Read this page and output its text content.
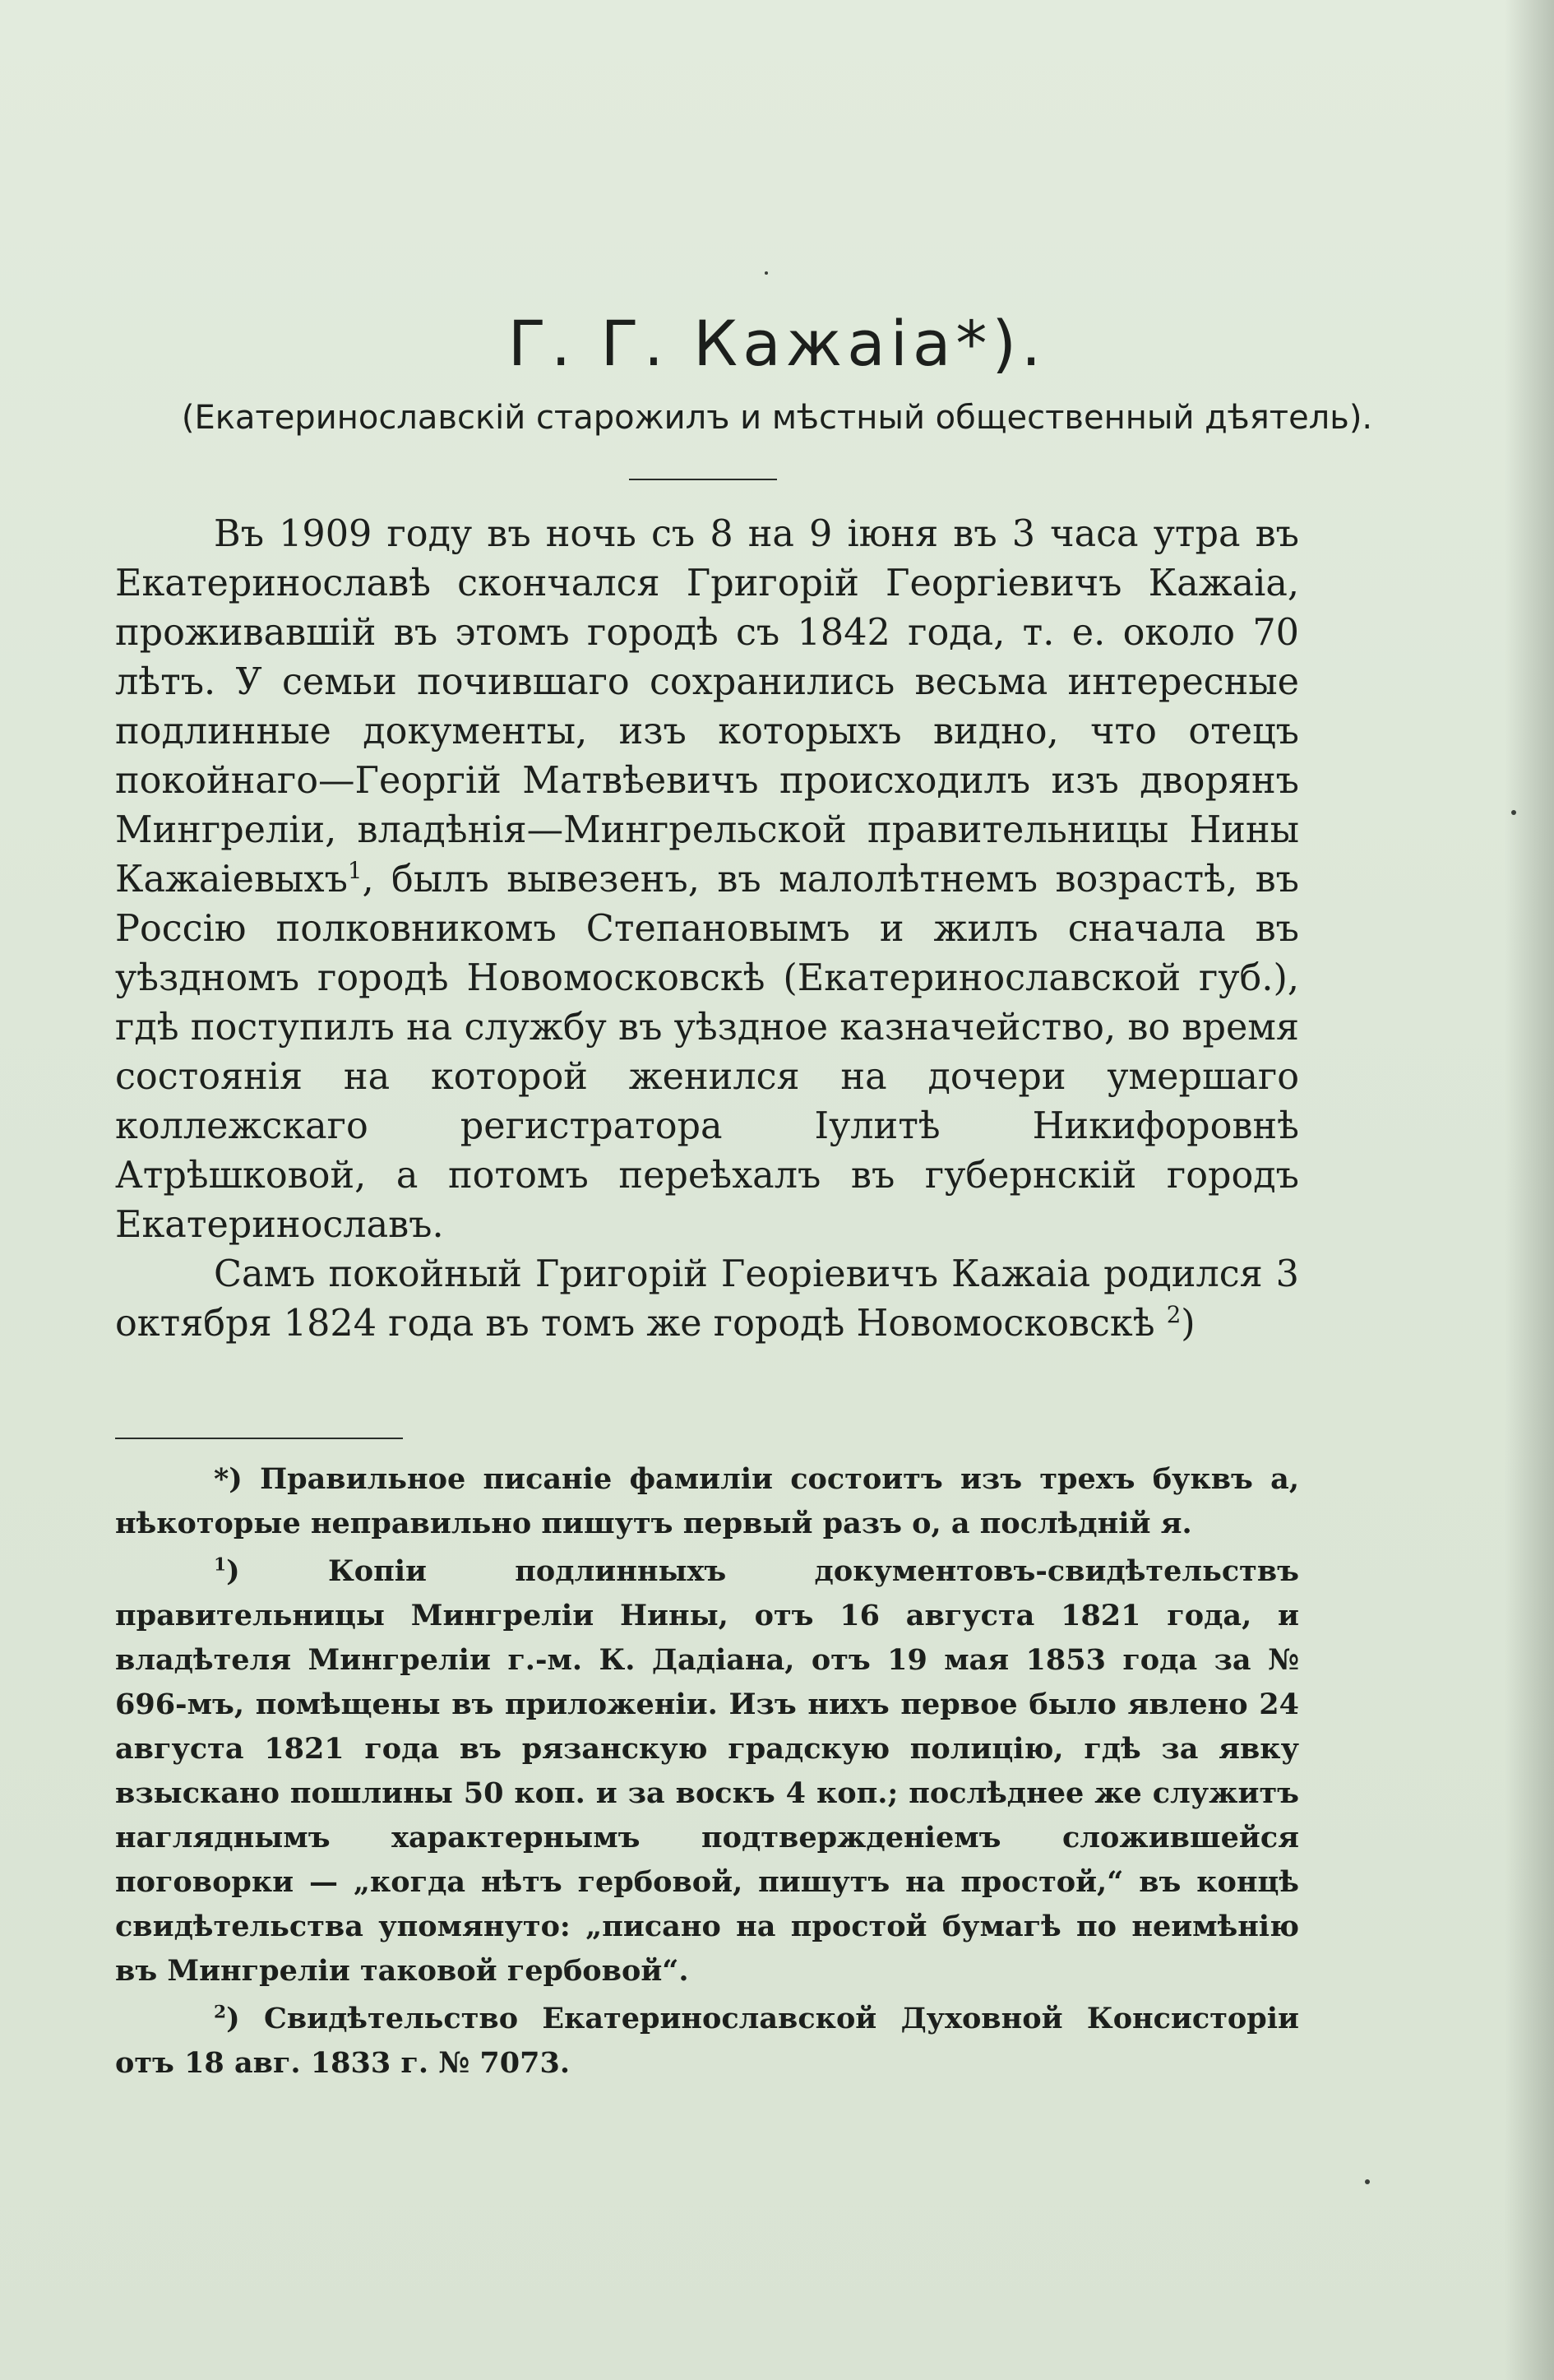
Г. Г. Кажаiа*).
(Екатеринославскiй старожилъ и мѣстный общественный дѣятель).

Въ 1909 году въ ночь съ 8 на 9 iюня въ 3 часа утра въ Екатеринославѣ скончался Григорiй Георгiевичъ Кажаiа, проживавшiй въ этомъ городѣ съ 1842 года, т. е. около 70 лѣтъ. У семьи почившаго сохранились весьма интересные подлинные документы, изъ которыхъ видно, что отецъ покойнаго—Георгiй Матвѣевичъ происходилъ изъ дворянъ Мингрелiи, владѣнiя—Мингрельской правительницы Нины Кажаiевыхъ$^1$, былъ вывезенъ, въ малолѣтнемъ возрастѣ, въ Россiю полковникомъ Степановымъ и жилъ сначала въ уѣздномъ городѣ Новомосковскѣ (Екатеринославской губ.), гдѣ поступилъ на службу въ уѣздное казначейство, во время состоянiя на которой женился на дочери умершаго коллежскаго регистратора Iулитѣ Никифоровнѣ Атрѣшковой, а потомъ переѣхалъ въ губернскiй городъ Екатеринославъ.

Самъ покойный Григорiй Георiевичъ Кажаiа родился 3 октября 1824 года въ томъ же городѣ Новомосковскѣ $^2$)

*) Правильное писанiе фамилiи состоитъ изъ трехъ буквъ а, нѣкоторые неправильно пишутъ первый разъ о, а послѣднiй я.

$^1$) Копiи подлинныхъ документовъ-свидѣтельствъ правительницы Мингрелiи Нины, отъ 16 августа 1821 года, и владѣтеля Мингрелiи г.-м. К. Дадiана, отъ 19 мая 1853 года за № 696-мъ, помѣщены въ приложенiи. Изъ нихъ первое было явлено 24 августа 1821 года въ рязанскую градскую полицiю, гдѣ за явку взыскано пошлины 50 коп. и за воскъ 4 коп.; послѣднее же служитъ нагляднымъ характернымъ подтвержденiемъ сложившейся поговорки — „когда нѣтъ гербовой, пишутъ на простой,“ въ концѣ свидѣтельства упомянуто: „писано на простой бумагѣ по неимѣнiю въ Мингрелiи таковой гербовой“.

$^2$) Свидѣтельство Екатеринославской Духовной Консисторiи отъ 18 авг. 1833 г. № 7073.
